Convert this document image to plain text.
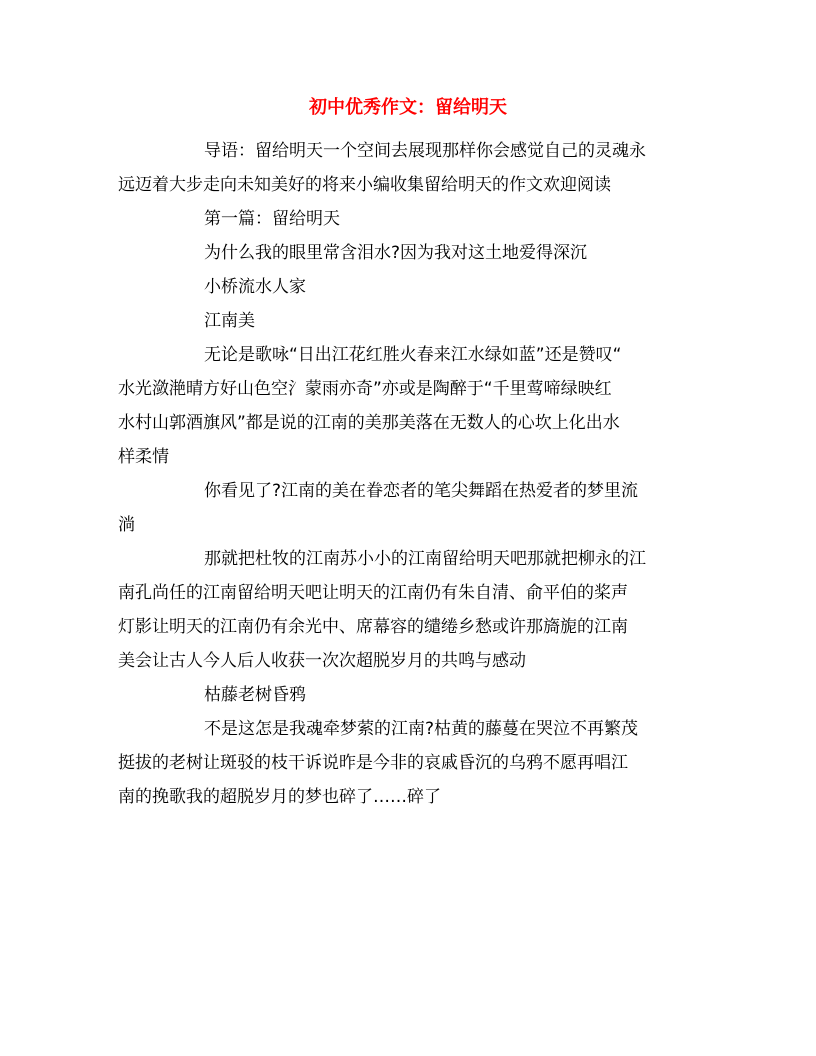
初中优秀作文：留给明天
导语：留给明天一个空间去展现那样你会感觉自己的灵魂永
远迈着大步走向未知美好的将来小编收集留给明天的作文欢迎阅读
第一篇：留给明天
为什么我的眼里常含泪水?因为我对这土地爱得深沉
小桥流水人家
江南美
无论是歌咏“日出江花红胜火春来江水绿如蓝”还是赞叹“
水光潋滟晴方好山色空氵蒙雨亦奇”亦或是陶醉于“千里莺啼绿映红
水村山郭酒旗风”都是说的江南的美那美落在无数人的心坎上化出水
样柔情
你看见了?江南的美在眷恋者的笔尖舞蹈在热爱者的梦里流
淌
那就把杜牧的江南苏小小的江南留给明天吧那就把柳永的江
南孔尚任的江南留给明天吧让明天的江南仍有朱自清、俞平伯的桨声
灯影让明天的江南仍有余光中、席幕容的缱绻乡愁或许那旖旎的江南
美会让古人今人后人收获一次次超脱岁月的共鸣与感动
枯藤老树昏鸦
不是这怎是我魂牵梦萦的江南?枯黄的藤蔓在哭泣不再繁茂
挺拔的老树让斑驳的枝干诉说昨是今非的哀戚昏沉的乌鸦不愿再唱江
南的挽歌我的超脱岁月的梦也碎了……碎了
